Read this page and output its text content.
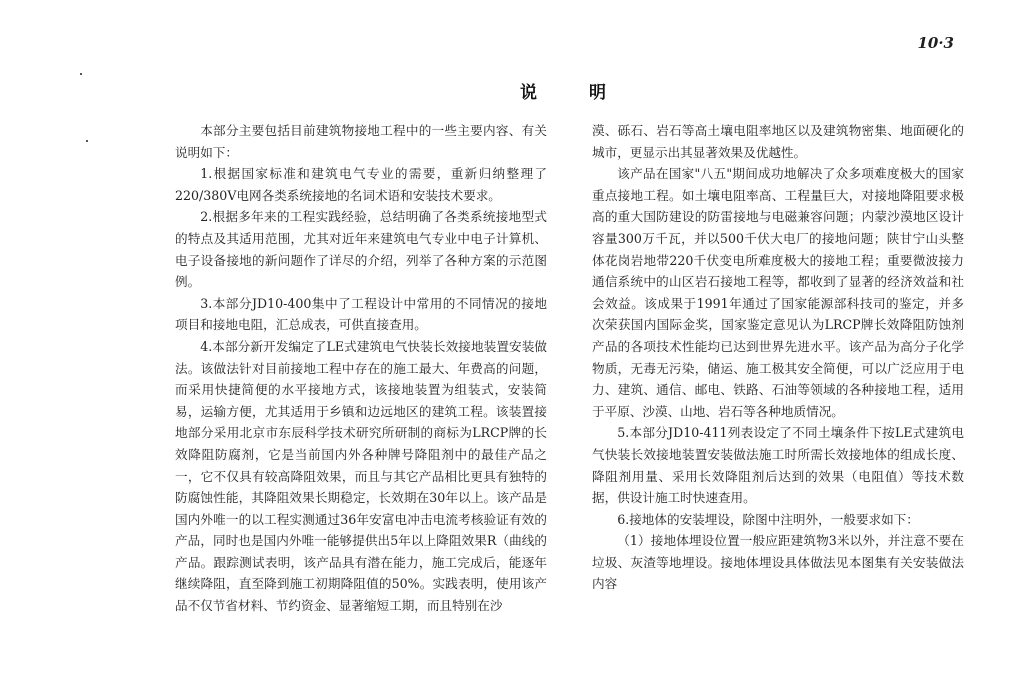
10·3
说明

本部分主要包括目前建筑物接地工程中的一些主要内容、有关说明如下：

1.根据国家标准和建筑电气专业的需要，重新归纳整理了220/380V电网各类系统接地的名词术语和安装技术要求。

2.根据多年来的工程实践经验，总结明确了各类系统接地型式的特点及其适用范围，尤其对近年来建筑电气专业中电子计算机、电子设备接地的新问题作了详尽的介绍，列举了各种方案的示范图例。

3.本部分JD10-400集中了工程设计中常用的不同情况的接地项目和接地电阻，汇总成表，可供直接查用。

4.本部分新开发编定了LE式建筑电气快装长效接地装置安装做法。该做法针对目前接地工程中存在的施工最大、年费高的问题，而采用快捷简便的水平接地方式，该接地装置为组装式，安装简易，运输方便，尤其适用于乡镇和边远地区的建筑工程。该装置接地部分采用北京市东辰科学技术研究所研制的商标为LRCP牌的长效降阻防腐剂，它是当前国内外各种牌号降阻剂中的最佳产品之一，它不仅具有较高降阻效果，而且与其它产品相比更具有独特的防腐蚀性能，其降阻效果长期稳定，长效期在30年以上。该产品是国内外唯一的以工程实测通过36年安富电冲击电流考核验证有效的产品，同时也是国内外唯一能够提供出5年以上降阻效果R（曲线的产品。跟踪测试表明，该产品具有潜在能力，施工完成后，能逐年继续降阻，直至降到施工初期降阻值的50%。实践表明，使用该产品不仅节省材料、节约资金、显著缩短工期，而且特别在沙

漠、砾石、岩石等高土壤电阻率地区以及建筑物密集、地面硬化的城市，更显示出其显著效果及优越性。

该产品在国家"八五"期间成功地解决了众多项难度极大的国家重点接地工程。如土壤电阻率高、工程量巨大，对接地降阻要求极高的重大国防建设的防雷接地与电磁兼容问题；内蒙沙漠地区设计容量300万千瓦，并以500千伏大电厂的接地问题；陕甘宁山头整体花岗岩地带220千伏变电所难度极大的接地工程；重要微波接力通信系统中的山区岩石接地工程等，都收到了显著的经济效益和社会效益。该成果于1991年通过了国家能源部科技司的鉴定，并多次荣获国内国际金奖，国家鉴定意见认为LRCP牌长效降阻防蚀剂产品的各项技术性能均已达到世界先进水平。该产品为高分子化学物质，无毒无污染，储运、施工极其安全简便，可以广泛应用于电力、建筑、通信、邮电、铁路、石油等领域的各种接地工程，适用于平原、沙漠、山地、岩石等各种地质情况。

5.本部分JD10-411列表设定了不同土壤条件下按LE式建筑电气快装长效接地装置安装做法施工时所需长效接地体的组成长度、降阻剂用量、采用长效降阻剂后达到的效果（电阻值）等技术数据，供设计施工时快速查用。

6.接地体的安装埋设，除图中注明外，一般要求如下：

（1）接地体埋设位置一般应距建筑物3米以外，并注意不要在垃圾、灰渣等地埋设。接地体埋设具体做法见本图集有关安装做法内容
